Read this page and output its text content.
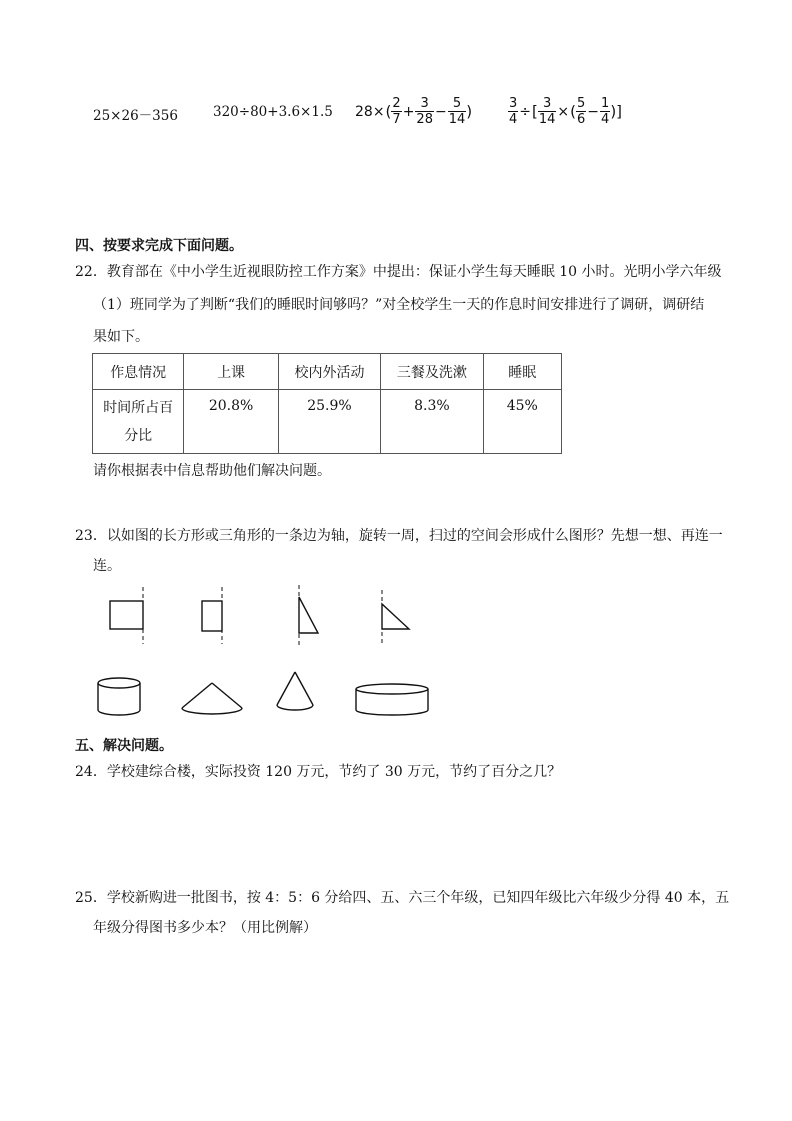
25×26－356	320÷80+3.6×1.5 $28\times( \frac{2}{7} + \frac{3}{28} - \frac{5}{14}$ )	$\frac{3}{4}$ ÷[ $\frac{3}{14}$ ×( $\frac{5}{6} - \frac{1}{4}$ )]
四、按要求完成下面问题。
22．教育部在《中小学生近视眼防控工作方案》中提出：保证小学生每天睡眠 10 小时。光明小学六年级
（1）班同学为了判断“我们的睡眠时间够吗？”对全校学生一天的作息时间安排进行了调研，调研结
果如下。
作息情况	上课	校内外活动	三餐及洗漱	睡眠
时间所占百
分比	20.8%	25.9%	8.3%	45%
请你根据表中信息帮助他们解决问题。
23．以如图的长方形或三角形的一条边为轴，旋转一周，扫过的空间会形成什么图形？先想一想、再连一
连。
五、解决问题。
24．学校建综合楼，实际投资 120 万元，节约了 30 万元，节约了百分之几？
25．学校新购进一批图书，按 4：5：6 分给四、五、六三个年级，已知四年级比六年级少分得 40 本，五
年级分得图书多少本？（用比例解）
